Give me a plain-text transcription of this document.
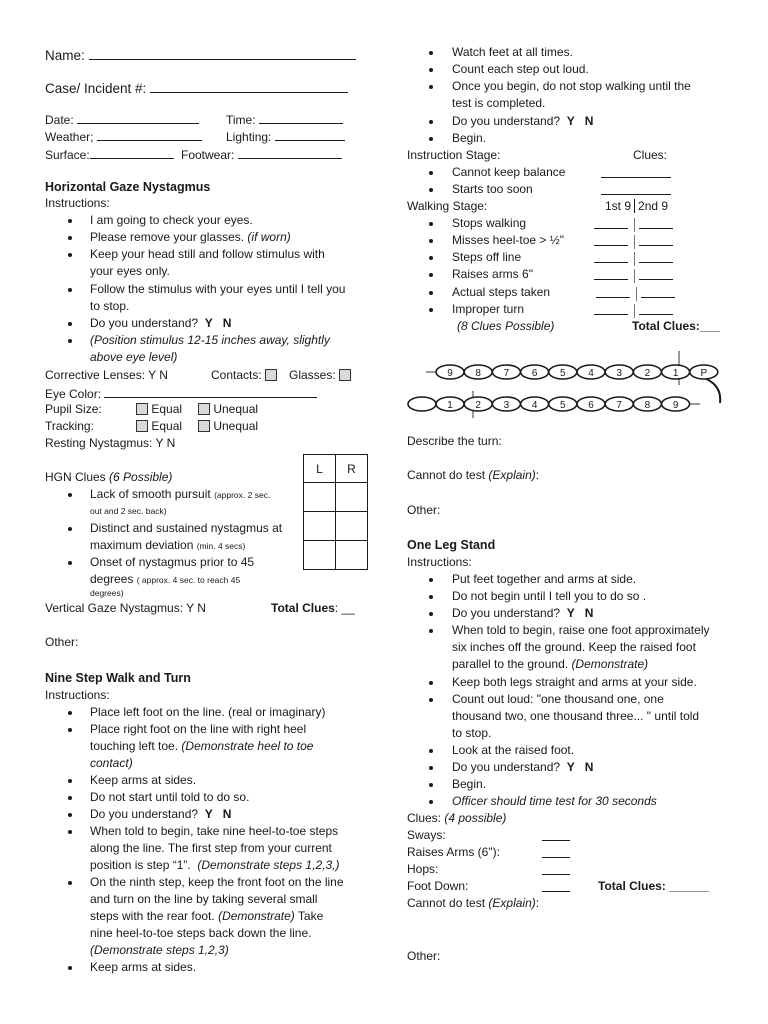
Name:
Case/ Incident #:
Date:	Time:
Weather;	Lighting:
Surface:	Footwear:
Horizontal Gaze Nystagmus
Instructions:
I am going to check your eyes.
Please remove your glasses. (if worn)
Keep your head still and follow stimulus with
your eyes only.
Follow the stimulus with your eyes until I tell you
to stop.
Do you understand? Y N
(Position stimulus 12-15 inches away, slightly
above eye level)
Corrective Lenses: Y N	Contacts:	Glasses:
Eye Color:
Pupil Size:	Equal	Unequal
Tracking:	Equal	Unequal
Resting Nystagmus: Y N
L	R

HGN Clues (6 Possible)
Lack of smooth pursuit (approx. 2 sec.
out and 2 sec. back)
Distinct and sustained nystagmus at
maximum deviation (min. 4 secs)
Onset of nystagmus prior to 45
degrees ( approx. 4 sec. to reach 45
degrees)
Vertical Gaze Nystagmus: Y N	Total Clues: __
Other:
Nine Step Walk and Turn
Instructions:
Place left foot on the line. (real or imaginary)
Place right foot on the line with right heel
touching left toe. (Demonstrate heel to toe
contact)
Keep arms at sides.
Do not start until told to do so.
Do you understand? Y N
When told to begin, take nine heel-to-toe steps
along the line. The first step from your current
position is step “1”. (Demonstrate steps 1,2,3,)
On the ninth step, keep the front foot on the line
and turn on the line by taking several small
steps with the rear foot. (Demonstrate) Take
nine heel-to-toe steps back down the line.
(Demonstrate steps 1,2,3)
Keep arms at sides.
Watch feet at all times.
Count each step out loud.
Once you begin, do not stop walking until the
test is completed.
Do you understand? Y N
Begin.
Instruction Stage:	Clues:
Cannot keep balance
Starts too soon
Walking Stage:	1st 9 2nd 9
Stops walking
Misses heel-toe > ½"
Steps off line
Raises arms 6"
Actual steps taken
Improper turn
(8 Clues Possible)	Total Clues:___
9 8 7 6 5 4 3 2 1 P
1 2 3 4 5 6 7 8 9
Describe the turn:
Cannot do test (Explain):
Other:
One Leg Stand
Instructions:
Put feet together and arms at side.
Do not begin until I tell you to do so .
Do you understand? Y N
When told to begin, raise one foot approximately
six inches off the ground. Keep the raised foot
parallel to the ground. (Demonstrate)
Keep both legs straight and arms at your side.
Count out loud: "one thousand one, one
thousand two, one thousand three... " until told
to stop.
Look at the raised foot.
Do you understand? Y N
Begin.
Officer should time test for 30 seconds
Clues: (4 possible)
Sways:
Raises Arms (6"):
Hops:
Foot Down:	Total Clues: ______
Cannot do test (Explain):
Other:
